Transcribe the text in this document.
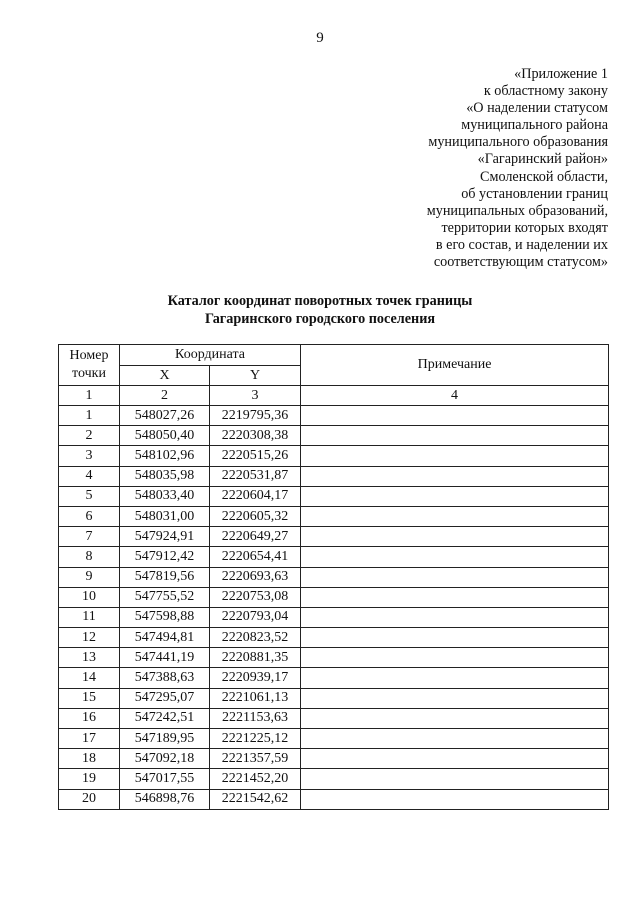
9
«Приложение 1
к областному закону
«О наделении статусом
муниципального района
муниципального образования
«Гагаринский район»
Смоленской области,
об установлении границ
муниципальных образований,
территории которых входят
в его состав, и наделении их
соответствующим статусом»
Каталог координат поворотных точек границы
Гагаринского городского поселения
Номер
точки	Координата		Примечание
	X	Y	
1	2	3	4
1	548027,26	2219795,36	
2	548050,40	2220308,38	
3	548102,96	2220515,26	
4	548035,98	2220531,87	
5	548033,40	2220604,17	
6	548031,00	2220605,32	
7	547924,91	2220649,27	
8	547912,42	2220654,41	
9	547819,56	2220693,63	
10	547755,52	2220753,08	
11	547598,88	2220793,04	
12	547494,81	2220823,52	
13	547441,19	2220881,35	
14	547388,63	2220939,17	
15	547295,07	2221061,13	
16	547242,51	2221153,63	
17	547189,95	2221225,12	
18	547092,18	2221357,59	
19	547017,55	2221452,20	
20	546898,76	2221542,62	
